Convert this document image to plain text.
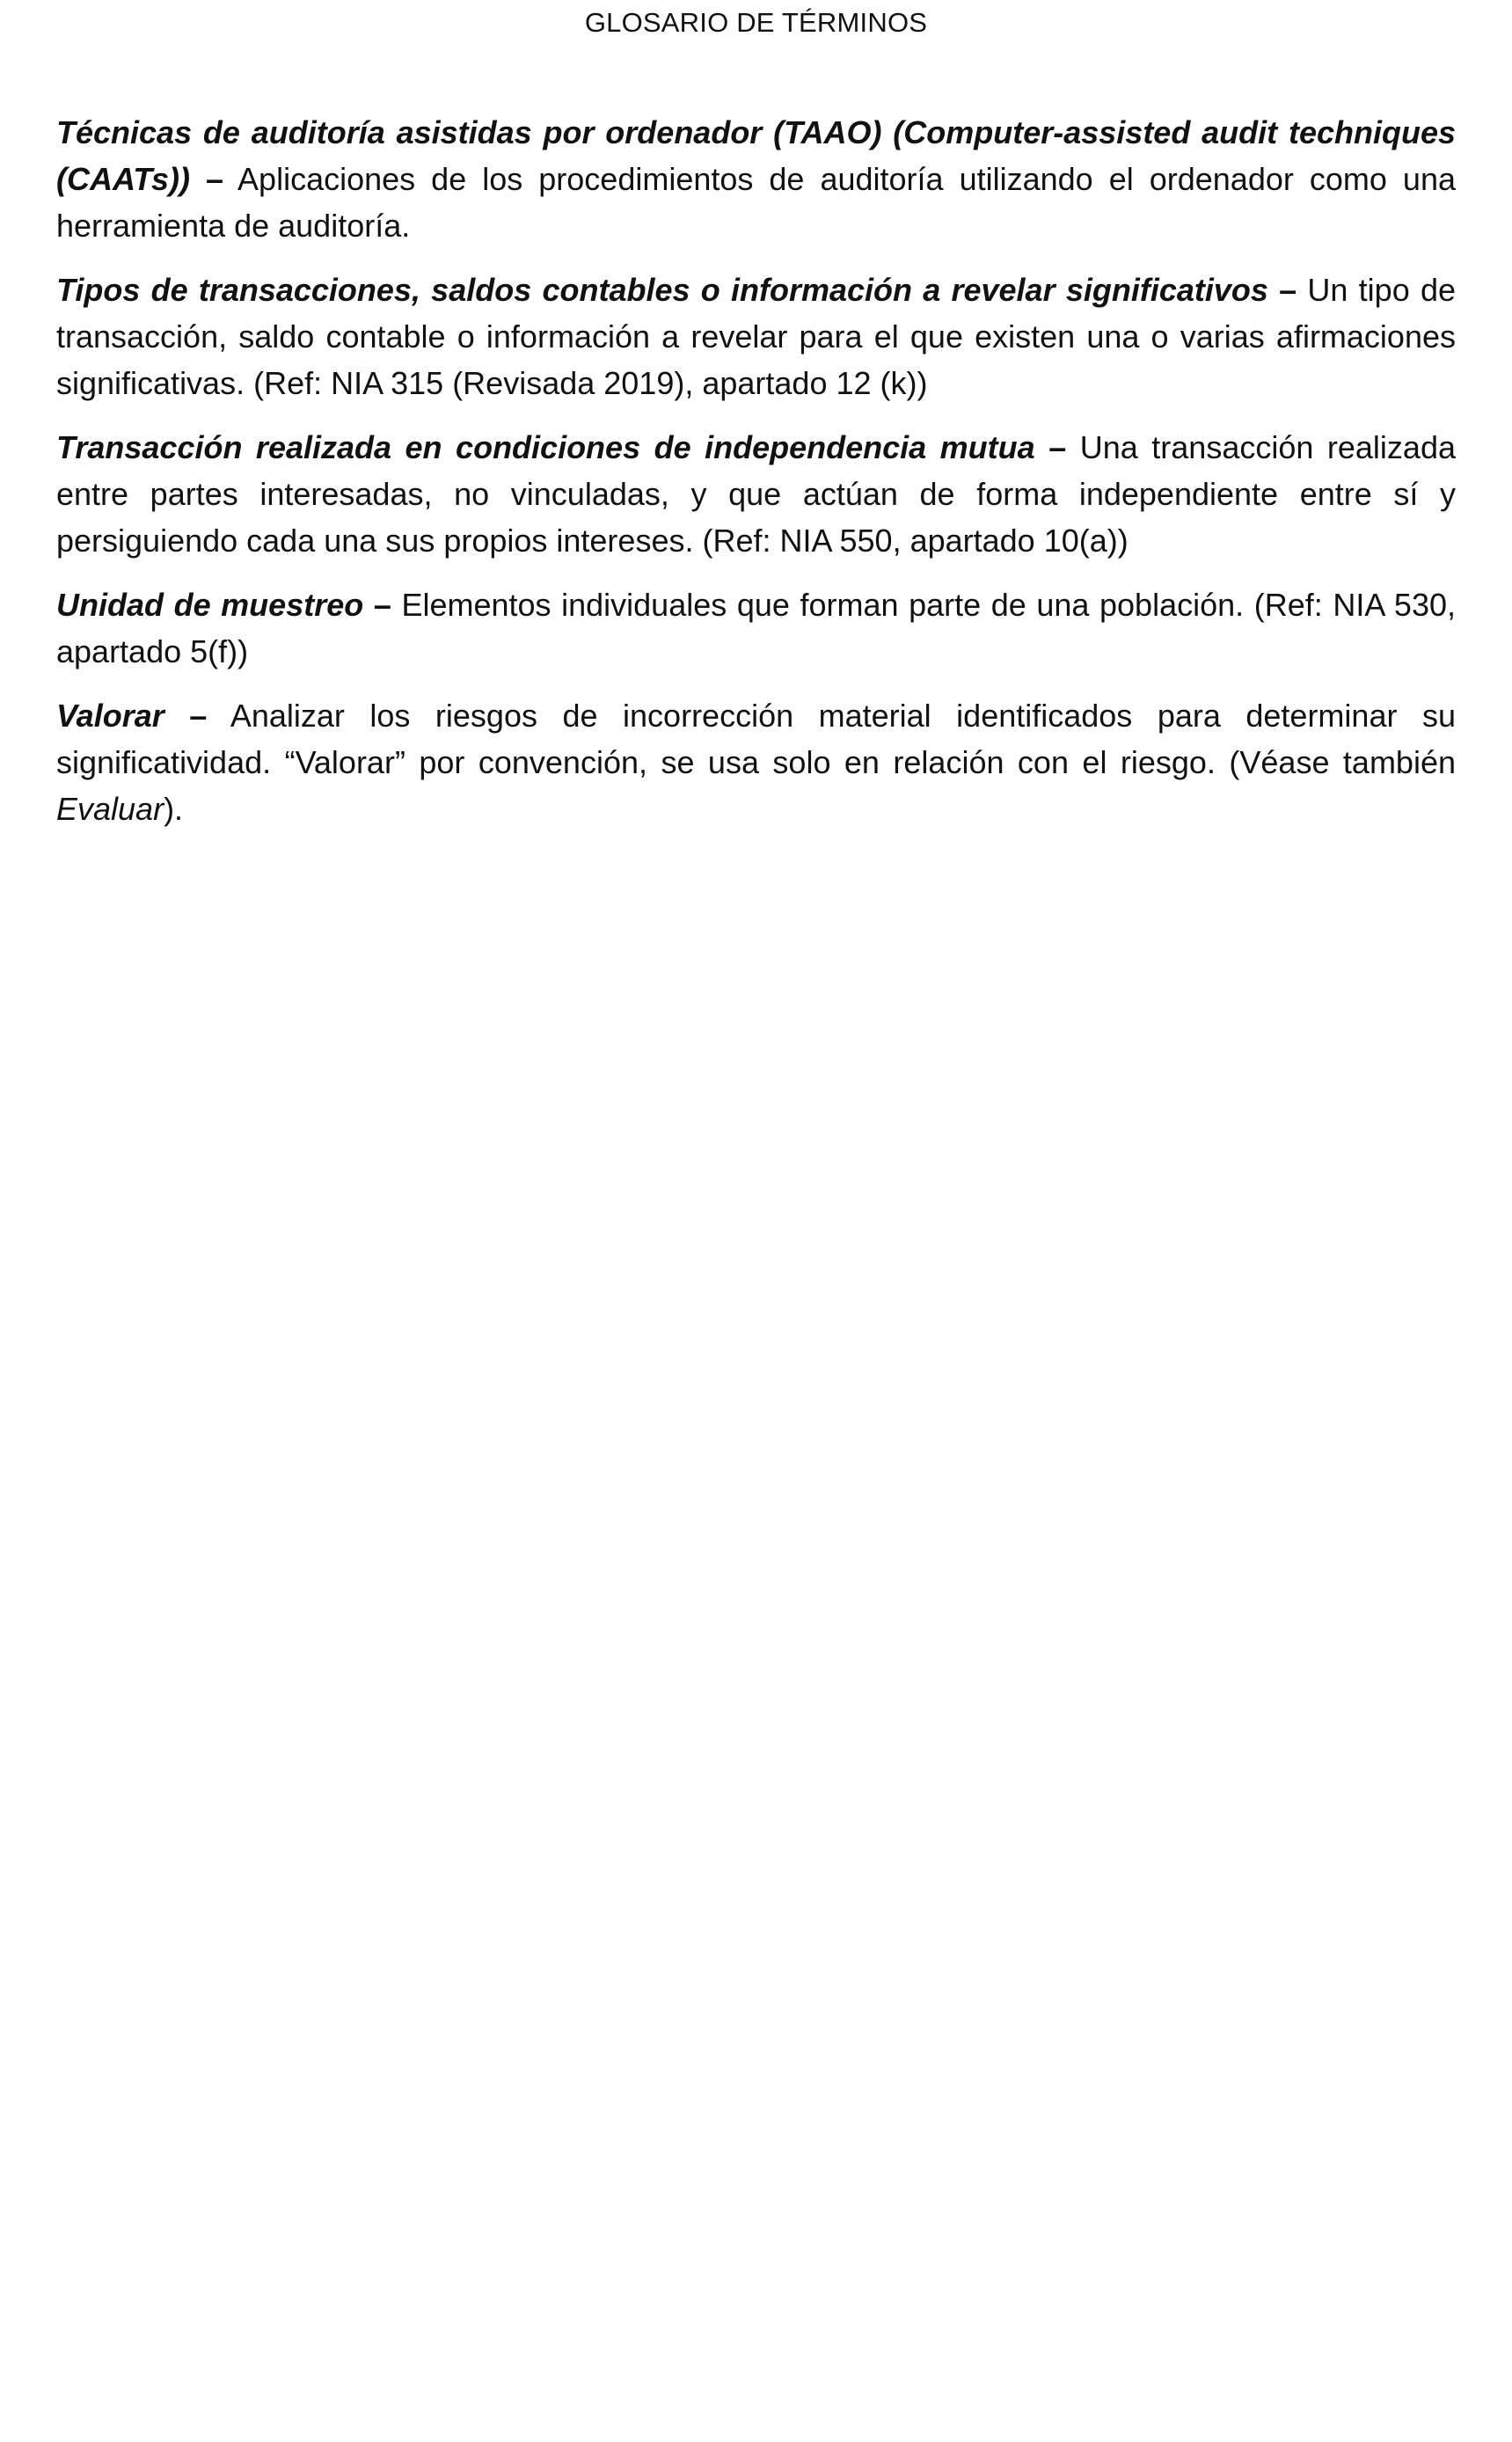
GLOSARIO DE TÉRMINOS

Técnicas de auditoría asistidas por ordenador (TAAO) (Computer-assisted audit techniques (CAATs)) – Aplicaciones de los procedimientos de auditoría utilizando el ordenador como una herramienta de auditoría.

Tipos de transacciones, saldos contables o información a revelar significativos – Un tipo de transacción, saldo contable o información a revelar para el que existen una o varias afirmaciones significativas. (Ref: NIA 315 (Revisada 2019), apartado 12 (k))

Transacción realizada en condiciones de independencia mutua – Una transacción realizada entre partes interesadas, no vinculadas, y que actúan de forma independiente entre sí y persiguiendo cada una sus propios intereses. (Ref: NIA 550, apartado 10(a))

Unidad de muestreo – Elementos individuales que forman parte de una población. (Ref: NIA 530, apartado 5(f))

Valorar – Analizar los riesgos de incorrección material identificados para determinar su significatividad. “Valorar” por convención, se usa solo en relación con el riesgo. (Véase también Evaluar).
